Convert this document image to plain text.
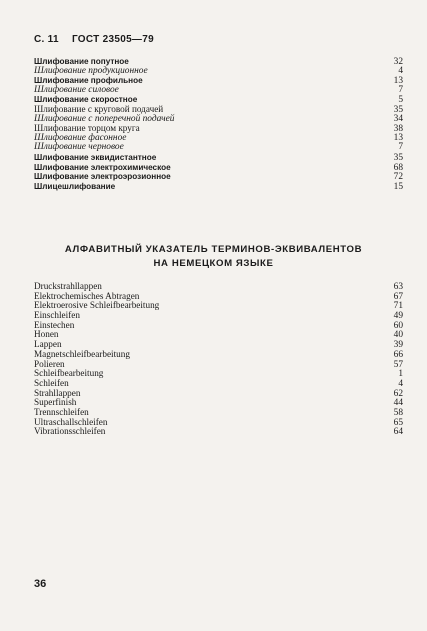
С. 11 ГОСТ 23505—79
Шлифование попутное	32
Шлифование продукционное	4
Шлифование профильное	13
Шлифование силовое	7
Шлифование скоростное	5
Шлифование с круговой подачей	35
Шлифование с поперечной подачей	34
Шлифование торцом круга	38
Шлифование фасонное	13
Шлифование черновое	7
Шлифование эквидистантное	35
Шлифование электрохимическое	68
Шлифование электроэрозионное	72
Шлицешлифование	15
АЛФАВИТНЫЙ УКАЗАТЕЛЬ ТЕРМИНОВ-ЭКВИВАЛЕНТОВ
НА НЕМЕЦКОМ ЯЗЫКЕ
Druckstrahllappen	63
Elektrochemisches Abtragen	67
Elektroerosive Schleifbearbeitung	71
Einschleifen	49
Einstechen	60
Honen	40
Lappen	39
Magnetschleifbearbeitung	66
Polieren	57
Schleifbearbeitung	1
Schleifen	4
Strahllappen	62
Superfinish	44
Trennschleifen	58
Ultraschallschleifen	65
Vibrationsschleifen	64
36
